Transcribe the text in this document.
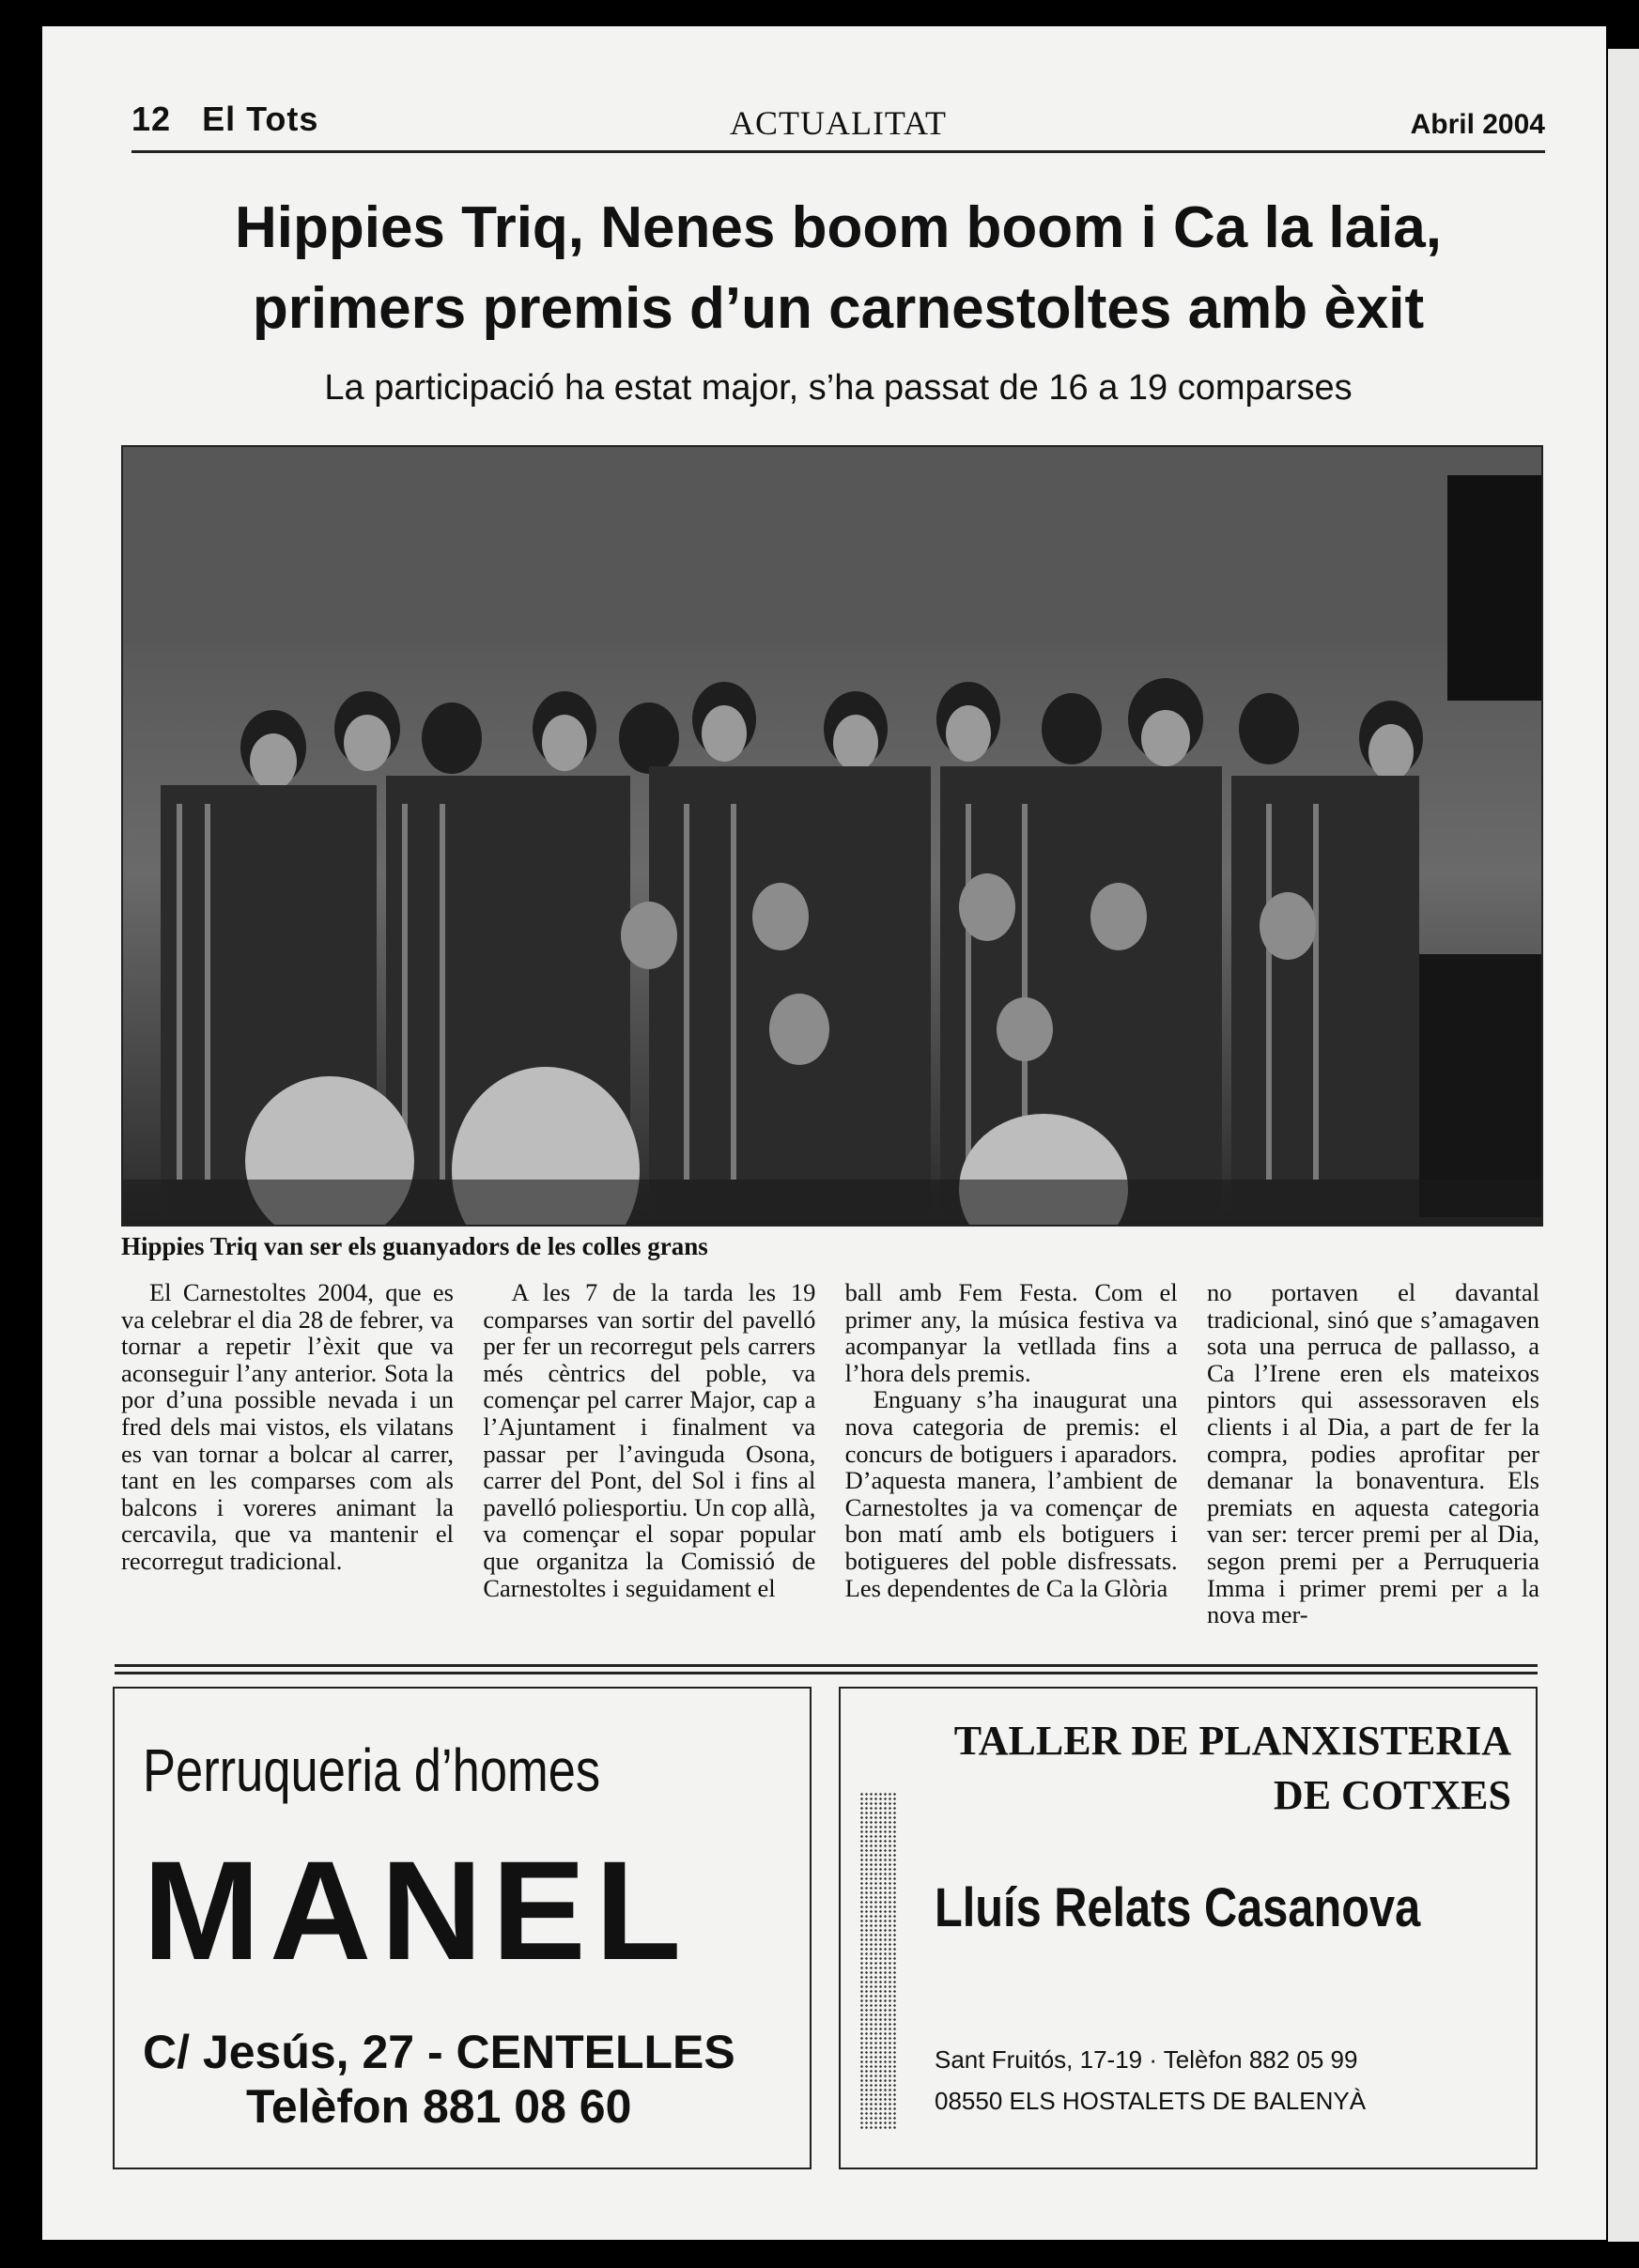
12 El Tots	ACTUALITAT	Abril 2004
Hippies Triq, Nenes boom boom i Ca la laia,
primers premis d’un carnestoltes amb èxit
La participació ha estat major, s’ha passat de 16 a 19 comparses
Hippies Triq van ser els guanyadors de les colles grans

El Carnestoltes 2004, que es va celebrar el dia 28 de febrer, va tornar a repetir l’èxit que va aconseguir l’any anterior. Sota la por d’una possible nevada i un fred dels mai vistos, els vilatans es van tornar a bolcar al carrer, tant en les comparses com als balcons i voreres animant la cercavila, que va mantenir el recorregut tradicional.

A les 7 de la tarda les 19 comparses van sortir del pavelló per fer un recorregut pels carrers més cèntrics del poble, va començar pel carrer Major, cap a l’Ajuntament i finalment va passar per l’avinguda Osona, carrer del Pont, del Sol i fins al pavelló poliesportiu. Un cop allà, va començar el sopar popular que organitza la Comissió de Carnestoltes i seguidament el

ball amb Fem Festa. Com el primer any, la música festiva va acompanyar la vetllada fins a l’hora dels premis.

Enguany s’ha inaugurat una nova categoria de premis: el concurs de botiguers i aparadors. D’aquesta manera, l’ambient de Carnestoltes ja va començar de bon matí amb els botiguers i botigueres del poble disfressats. Les dependentes de Ca la Glòria

no portaven el davantal tradicional, sinó que s’amagaven sota una perruca de pallasso, a Ca l’Irene eren els mateixos pintors qui assessoraven els clients i al Dia, a part de fer la compra, podies aprofitar per demanar la bonaventura. Els premiats en aquesta categoria van ser: tercer premi per al Dia, segon premi per a Perruqueria Imma i primer premi per a la nova mer-

Perruqueria d’homes
MANEL
C/ Jesús, 27 - CENTELLES
Telèfon 881 08 60
TALLER DE PLANXISTERIA
DE COTXES
Lluís Relats Casanova
Sant Fruitós, 17-19 · Telèfon 882 05 99
08550 ELS HOSTALETS DE BALENYÀ
